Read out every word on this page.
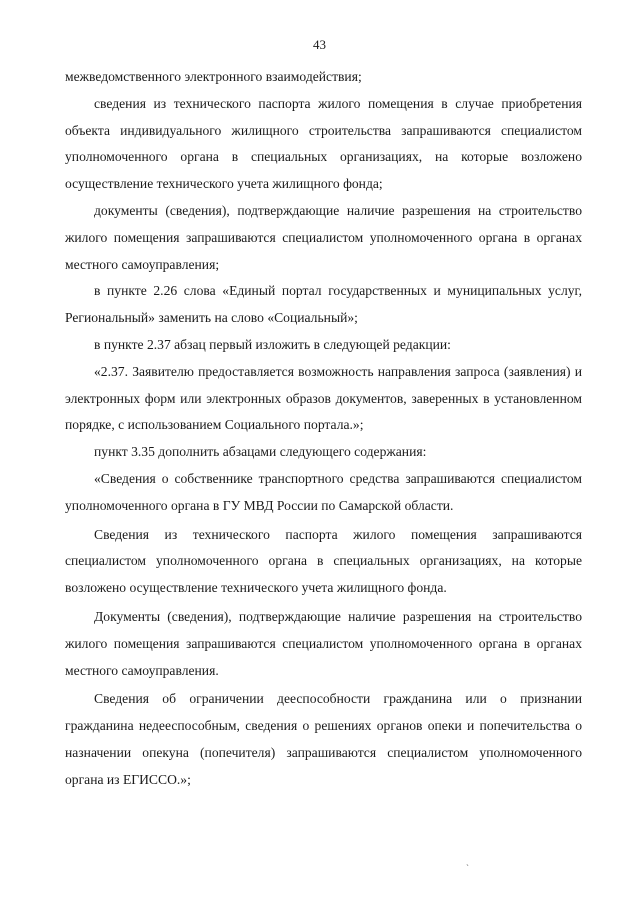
43

межведомственного электронного взаимодействия;

сведения из технического паспорта жилого помещения в случае приобретения объекта индивидуального жилищного строительства запрашиваются специалистом уполномоченного органа в специальных организациях, на которые возложено осуществление технического учета жилищного фонда;

документы (сведения), подтверждающие наличие разрешения на строительство жилого помещения запрашиваются специалистом уполномоченного органа в органах местного самоуправления;

в пункте 2.26 слова «Единый портал государственных и муниципальных услуг, Региональный» заменить на слово «Социальный»;

в пункте 2.37 абзац первый изложить в следующей редакции:

«2.37. Заявителю предоставляется возможность направления запроса (заявления) и электронных форм или электронных образов документов, заверенных в установленном порядке, с использованием Социального портала.»;

пункт 3.35 дополнить абзацами следующего содержания:

«Сведения о собственнике транспортного средства запрашиваются специалистом уполномоченного органа в ГУ МВД России по Самарской области.

Сведения из технического паспорта жилого помещения запрашиваются специалистом уполномоченного органа в специальных организациях, на которые возложено осуществление технического учета жилищного фонда.

Документы (сведения), подтверждающие наличие разрешения на строительство жилого помещения запрашиваются специалистом уполномоченного органа в органах местного самоуправления.

Сведения об ограничении дееспособности гражданина или о признании гражданина недееспособным, сведения о решениях органов опеки и попечительства о назначении опекуна (попечителя) запрашиваются специалистом уполномоченного органа из ЕГИССО.»;

ˎ
